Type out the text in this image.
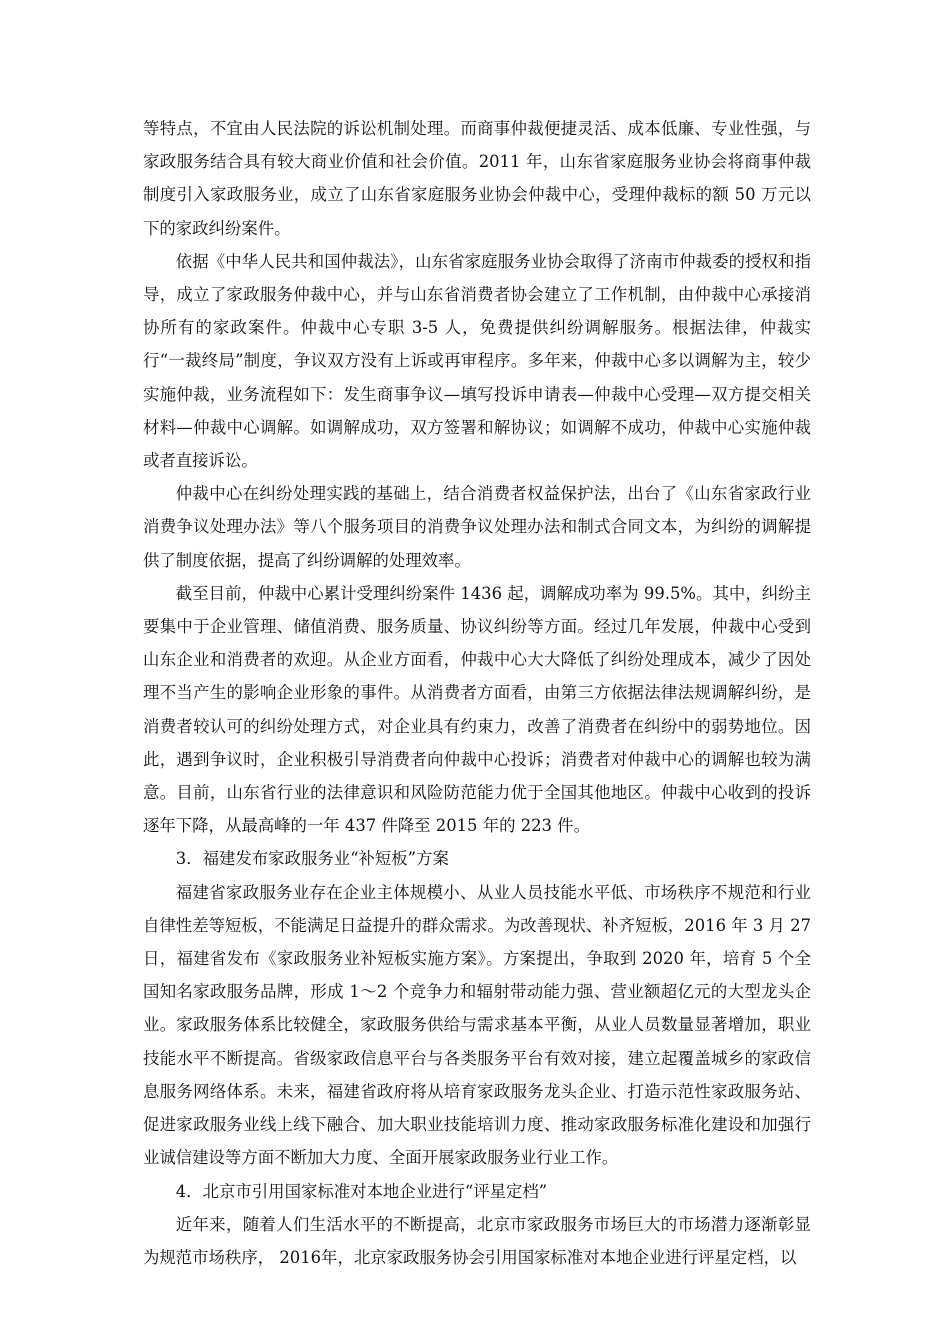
等特点，不宜由人民法院的诉讼机制处理。而商事仲裁便捷灵活、成本低廉、专业性强，与家政服务结合具有较大商业价值和社会价值。2011 年，山东省家庭服务业协会将商事仲裁制度引入家政服务业，成立了山东省家庭服务业协会仲裁中心，受理仲裁标的额 50 万元以下的家政纠纷案件。

依据《中华人民共和国仲裁法》，山东省家庭服务业协会取得了济南市仲裁委的授权和指导，成立了家政服务仲裁中心，并与山东省消费者协会建立了工作机制，由仲裁中心承接消协所有的家政案件。仲裁中心专职 3-5 人，免费提供纠纷调解服务。根据法律，仲裁实行“一裁终局”制度，争议双方没有上诉或再审程序。多年来，仲裁中心多以调解为主，较少实施仲裁，业务流程如下：发生商事争议—填写投诉申请表—仲裁中心受理—双方提交相关材料—仲裁中心调解。如调解成功，双方签署和解协议；如调解不成功，仲裁中心实施仲裁或者直接诉讼。

仲裁中心在纠纷处理实践的基础上，结合消费者权益保护法，出台了《山东省家政行业消费争议处理办法》等八个服务项目的消费争议处理办法和制式合同文本，为纠纷的调解提供了制度依据，提高了纠纷调解的处理效率。

截至目前，仲裁中心累计受理纠纷案件 1436 起，调解成功率为 99.5%。其中，纠纷主要集中于企业管理、储值消费、服务质量、协议纠纷等方面。经过几年发展，仲裁中心受到山东企业和消费者的欢迎。从企业方面看，仲裁中心大大降低了纠纷处理成本，减少了因处理不当产生的影响企业形象的事件。从消费者方面看，由第三方依据法律法规调解纠纷，是消费者较认可的纠纷处理方式，对企业具有约束力，改善了消费者在纠纷中的弱势地位。因此，遇到争议时，企业积极引导消费者向仲裁中心投诉；消费者对仲裁中心的调解也较为满意。目前，山东省行业的法律意识和风险防范能力优于全国其他地区。仲裁中心收到的投诉逐年下降，从最高峰的一年 437 件降至 2015 年的 223 件。

3．福建发布家政服务业“补短板”方案

福建省家政服务业存在企业主体规模小、从业人员技能水平低、市场秩序不规范和行业自律性差等短板，不能满足日益提升的群众需求。为改善现状、补齐短板，2016 年 3 月 27 日，福建省发布《家政服务业补短板实施方案》。方案提出，争取到 2020 年，培育 5 个全国知名家政服务品牌，形成 1～2 个竞争力和辐射带动能力强、营业额超亿元的大型龙头企业。家政服务体系比较健全，家政服务供给与需求基本平衡，从业人员数量显著增加，职业技能水平不断提高。省级家政信息平台与各类服务平台有效对接，建立起覆盖城乡的家政信息服务网络体系。未来，福建省政府将从培育家政服务龙头企业、打造示范性家政服务站、促进家政服务业线上线下融合、加大职业技能培训力度、推动家政服务标准化建设和加强行业诚信建设等方面不断加大力度、全面开展家政服务业行业工作。

4．北京市引用国家标准对本地企业进行“评星定档”

近年来，随着人们生活水平的不断提高，北京市家政服务市场巨大的市场潜力逐渐彰显为规范市场秩序， 2016年，北京家政服务协会引用国家标准对本地企业进行评星定档，以
